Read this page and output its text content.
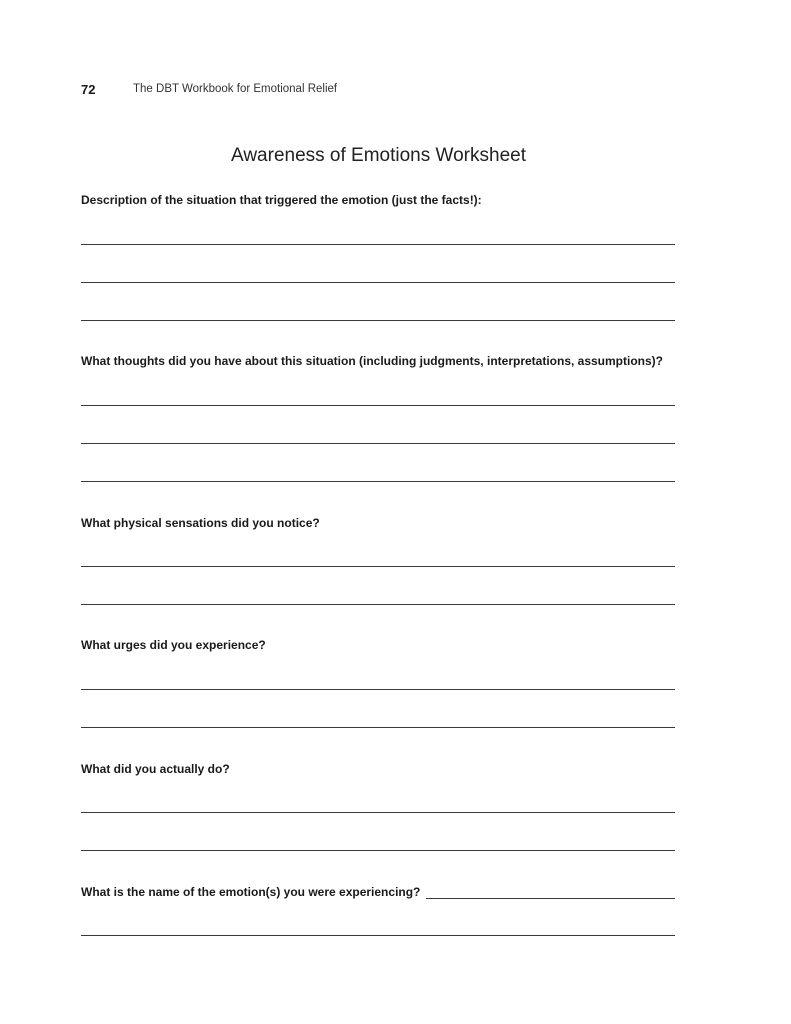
72	The DBT Workbook for Emotional Relief
Awareness of Emotions Worksheet
Description of the situation that triggered the emotion (just the facts!):
What thoughts did you have about this situation (including judgments, interpretations, assumptions)?
What physical sensations did you notice?
What urges did you experience?
What did you actually do?
What is the name of the emotion(s) you were experiencing?
